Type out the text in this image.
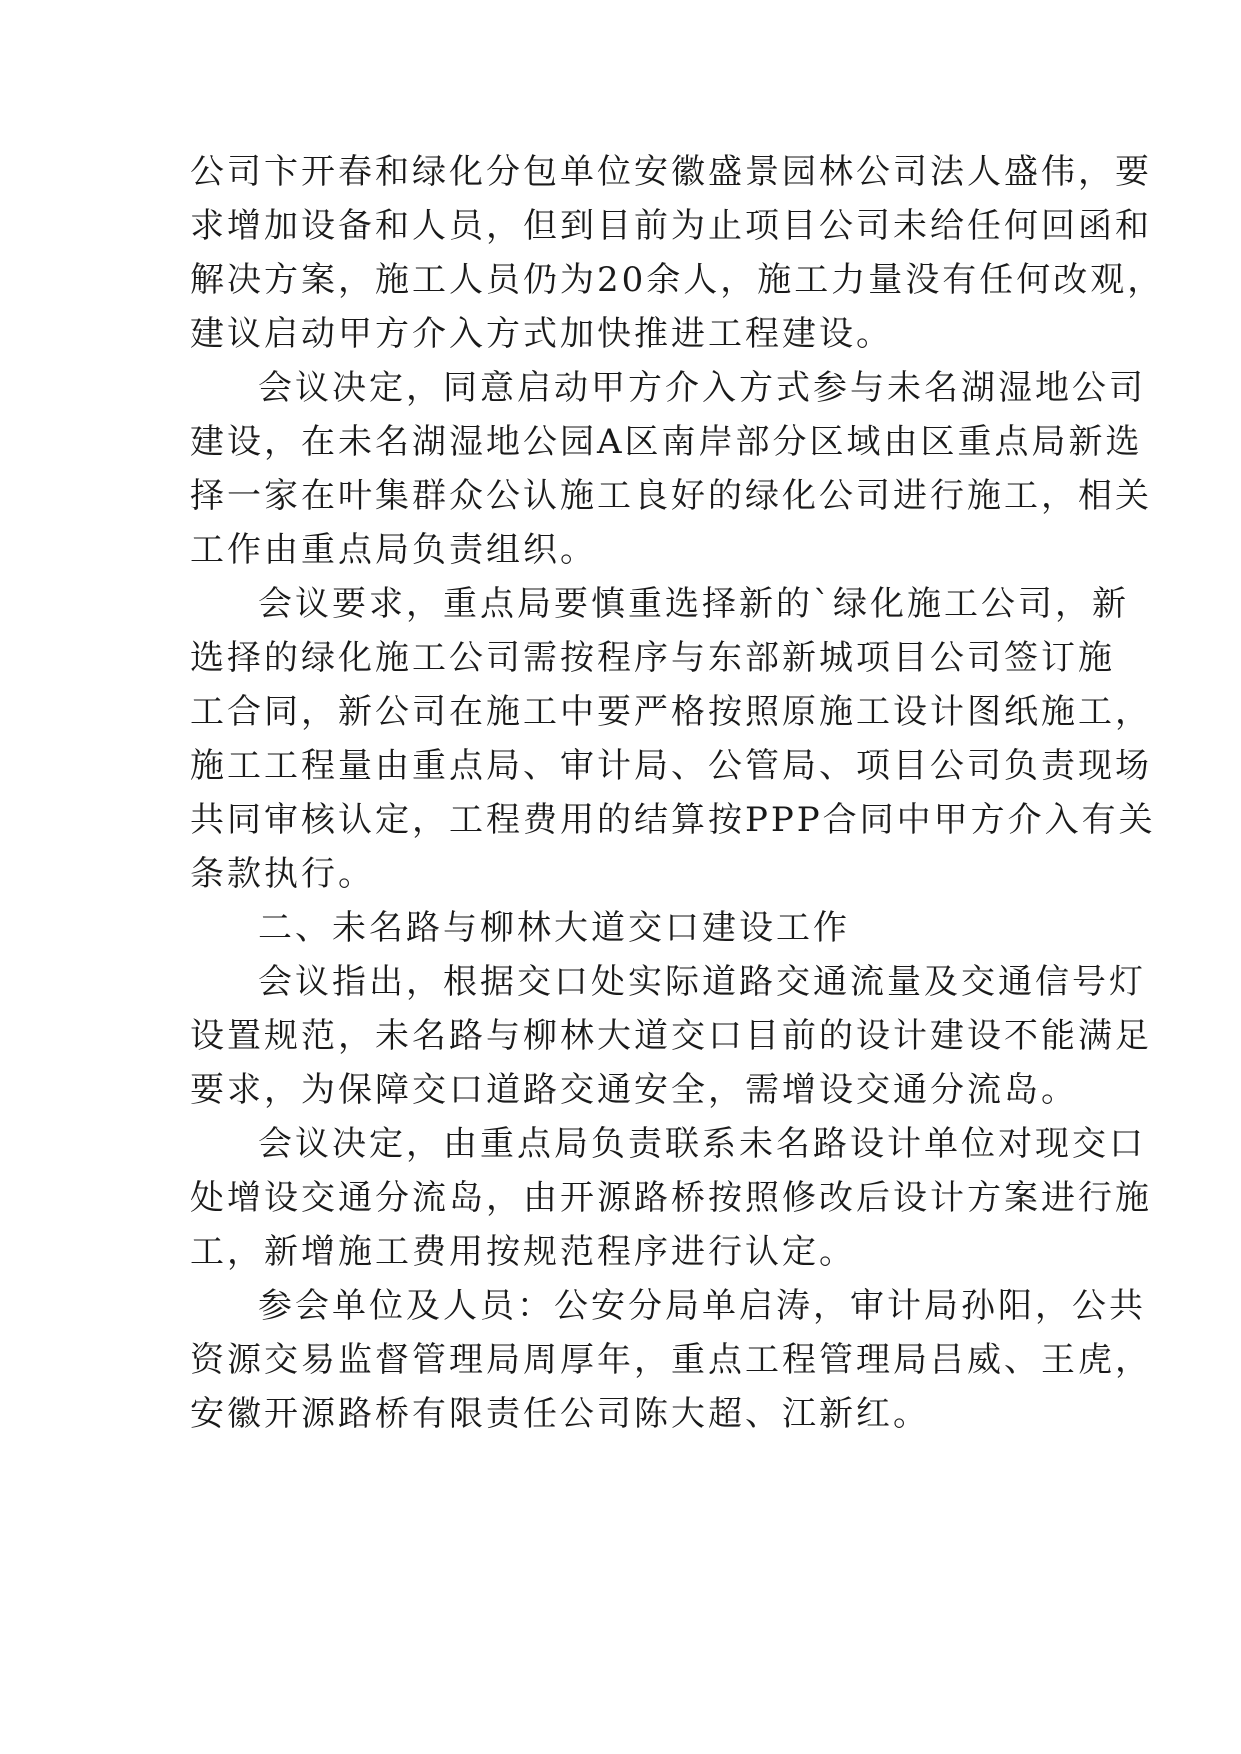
公司卞开春和绿化分包单位安徽盛景园林公司法人盛伟，要
求增加设备和人员，但到目前为止项目公司未给任何回函和
解决方案，施工人员仍为20余人，施工力量没有任何改观，
建议启动甲方介入方式加快推进工程建设。
会议决定，同意启动甲方介入方式参与未名湖湿地公司
建设，在未名湖湿地公园A区南岸部分区域由区重点局新选
择一家在叶集群众公认施工良好的绿化公司进行施工，相关
工作由重点局负责组织。
会议要求，重点局要慎重选择新的`绿化施工公司，新
选择的绿化施工公司需按程序与东部新城项目公司签订施
工合同，新公司在施工中要严格按照原施工设计图纸施工，
施工工程量由重点局、审计局、公管局、项目公司负责现场
共同审核认定，工程费用的结算按PPP合同中甲方介入有关
条款执行。
二、未名路与柳林大道交口建设工作
会议指出，根据交口处实际道路交通流量及交通信号灯
设置规范，未名路与柳林大道交口目前的设计建设不能满足
要求，为保障交口道路交通安全，需增设交通分流岛。
会议决定，由重点局负责联系未名路设计单位对现交口
处增设交通分流岛，由开源路桥按照修改后设计方案进行施
工，新增施工费用按规范程序进行认定。
参会单位及人员：公安分局单启涛，审计局孙阳，公共
资源交易监督管理局周厚年，重点工程管理局吕威、王虎，
安徽开源路桥有限责任公司陈大超、江新红。
